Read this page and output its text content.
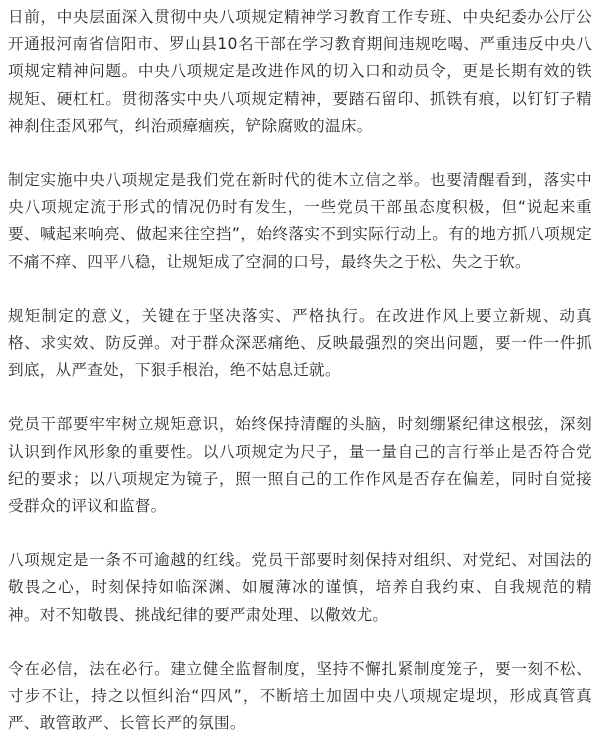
日前，中央层面深入贯彻中央八项规定精神学习教育工作专班、中央纪委办公厅公开通报河南省信阳市、罗山县10名干部在学习教育期间违规吃喝、严重违反中央八项规定精神问题。中央八项规定是改进作风的切入口和动员令，更是长期有效的铁规矩、硬杠杠。贯彻落实中央八项规定精神，要踏石留印、抓铁有痕，以钉钉子精神刹住歪风邪气，纠治顽瘴痼疾，铲除腐败的温床。

制定实施中央八项规定是我们党在新时代的徙木立信之举。也要清醒看到，落实中央八项规定流于形式的情况仍时有发生，一些党员干部虽态度积极，但“说起来重要、喊起来响亮、做起来往空挡”，始终落实不到实际行动上。有的地方抓八项规定不痛不痒、四平八稳，让规矩成了空洞的口号，最终失之于松、失之于软。

规矩制定的意义，关键在于坚决落实、严格执行。在改进作风上要立新规、动真格、求实效、防反弹。对于群众深恶痛绝、反映最强烈的突出问题，要一件一件抓到底，从严查处，下狠手根治，绝不姑息迁就。

党员干部要牢牢树立规矩意识，始终保持清醒的头脑，时刻绷紧纪律这根弦，深刻认识到作风形象的重要性。以八项规定为尺子，量一量自己的言行举止是否符合党纪的要求；以八项规定为镜子，照一照自己的工作作风是否存在偏差，同时自觉接受群众的评议和监督。

八项规定是一条不可逾越的红线。党员干部要时刻保持对组织、对党纪、对国法的敬畏之心，时刻保持如临深渊、如履薄冰的谨慎，培养自我约束、自我规范的精神。对不知敬畏、挑战纪律的要严肃处理、以儆效尤。

令在必信，法在必行。建立健全监督制度，坚持不懈扎紧制度笼子，要一刻不松、寸步不让，持之以恒纠治“四风”，不断培土加固中央八项规定堤坝，形成真管真严、敢管敢严、长管长严的氛围。
